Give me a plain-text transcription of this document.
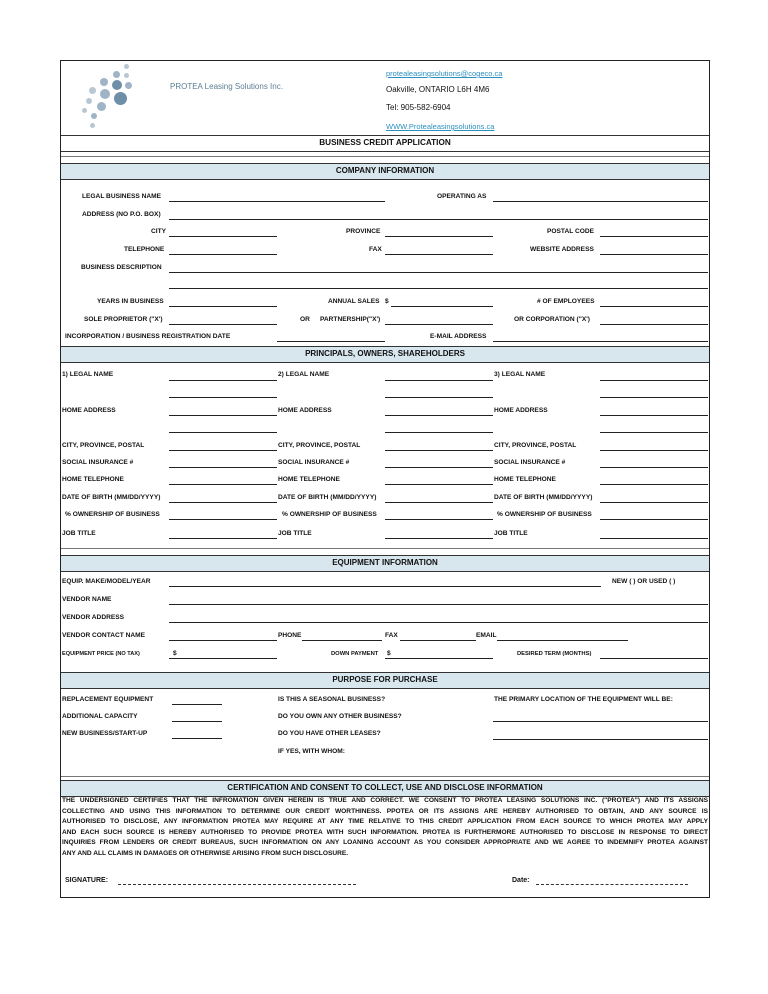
PROTEA Leasing Solutions Inc.
protealeasingsolutions@cogeco.ca
Oakville, ONTARIO L6H 4M6
Tel: 905-582-6904
WWW.Protealeasingsolutions.ca
BUSINESS CREDIT APPLICATION
COMPANY INFORMATION
LEGAL BUSINESS NAME	OPERATING AS
ADDRESS (NO P.O. BOX)
CITY	PROVINCE	POSTAL CODE
TELEPHONE	FAX	WEBSITE ADDRESS
BUSINESS DESCRIPTION
YEARS IN BUSINESS	ANNUAL SALES $	# OF EMPLOYEES
SOLE PROPRIETOR ("X')	OR PARTNERSHIP("X')	OR CORPORATION ("X')
INCORPORATION / BUSINESS REGISTRATION DATE	E-MAIL ADDRESS
PRINCIPALS, OWNERS, SHAREHOLDERS
1) LEGAL NAME	2) LEGAL NAME	3) LEGAL NAME
HOME ADDRESS	HOME ADDRESS	HOME ADDRESS
CITY, PROVINCE, POSTAL	CITY, PROVINCE, POSTAL	CITY, PROVINCE, POSTAL
SOCIAL INSURANCE #	SOCIAL INSURANCE #	SOCIAL INSURANCE #
HOME TELEPHONE	HOME TELEPHONE	HOME TELEPHONE
DATE OF BIRTH (MM/DD/YYYY)	DATE OF BIRTH (MM/DD/YYYY)	DATE OF BIRTH (MM/DD/YYYY)
% OWNERSHIP OF BUSINESS	% OWNERSHIP OF BUSINESS	% OWNERSHIP OF BUSINESS
JOB TITLE	JOB TITLE	JOB TITLE
EQUIPMENT INFORMATION
EQUIP. MAKE/MODEL/YEAR	NEW ( ) OR USED ( )
VENDOR NAME
VENDOR ADDRESS
VENDOR CONTACT NAME	PHONE	FAX	EMAIL
EQUIPMENT PRICE (NO TAX)	$	DOWN PAYMENT $	DESIRED TERM (MONTHS)
PURPOSE FOR PURCHASE
REPLACEMENT EQUIPMENT	IS THIS A SEASONAL BUSINESS?	THE PRIMARY LOCATION OF THE EQUIPMENT WILL BE:
ADDITIONAL CAPACITY	DO YOU OWN ANY OTHER BUSINESS?
NEW BUSINESS/START-UP	DO YOU HAVE OTHER LEASES?
IF YES, WITH WHOM:
CERTIFICATION AND CONSENT TO COLLECT, USE AND DISCLOSE INFORMATION
THE UNDERSIGNED CERTIFIES THAT THE INFROMATION GIVEN HEREIN IS TRUE AND CORRECT. WE CONSENT TO PROTEA LEASING SOLUTIONS INC. ("PROTEA") AND ITS ASSIGNS
COLLECTING AND USING THIS INFORMATION TO DETERMINE OUR CREDIT WORTHINESS. PPOTEA OR ITS ASSIGNS ARE HEREBY AUTHORISED TO OBTAIN, AND ANY SOURCE IS
AUTHORISED TO DISCLOSE, ANY INFORMATION PROTEA MAY REQUIRE AT ANY TIME RELATIVE TO THIS CREDIT APPLICATION FROM EACH SOURCE TO WHICH PROTEA MAY APPLY
AND EACH SUCH SOURCE IS HEREBY AUTHORISED TO PROVIDE PROTEA WITH SUCH INFORMATION. PROTEA IS FURTHERMORE AUTHORISED TO DISCLOSE IN RESPONSE TO DIRECT
INQUIRIES FROM LENDERS OR CREDIT BUREAUS, SUCH INFORMATION ON ANY LOANING ACCOUNT AS YOU CONSIDER APPROPRIATE AND WE AGREE TO INDEMNIFY PROTEA AGAINST
ANY AND ALL CLAIMS IN DAMAGES OR OTHERWISE ARISING FROM SUCH DISCLOSURE.
SIGNATURE:	Date:
